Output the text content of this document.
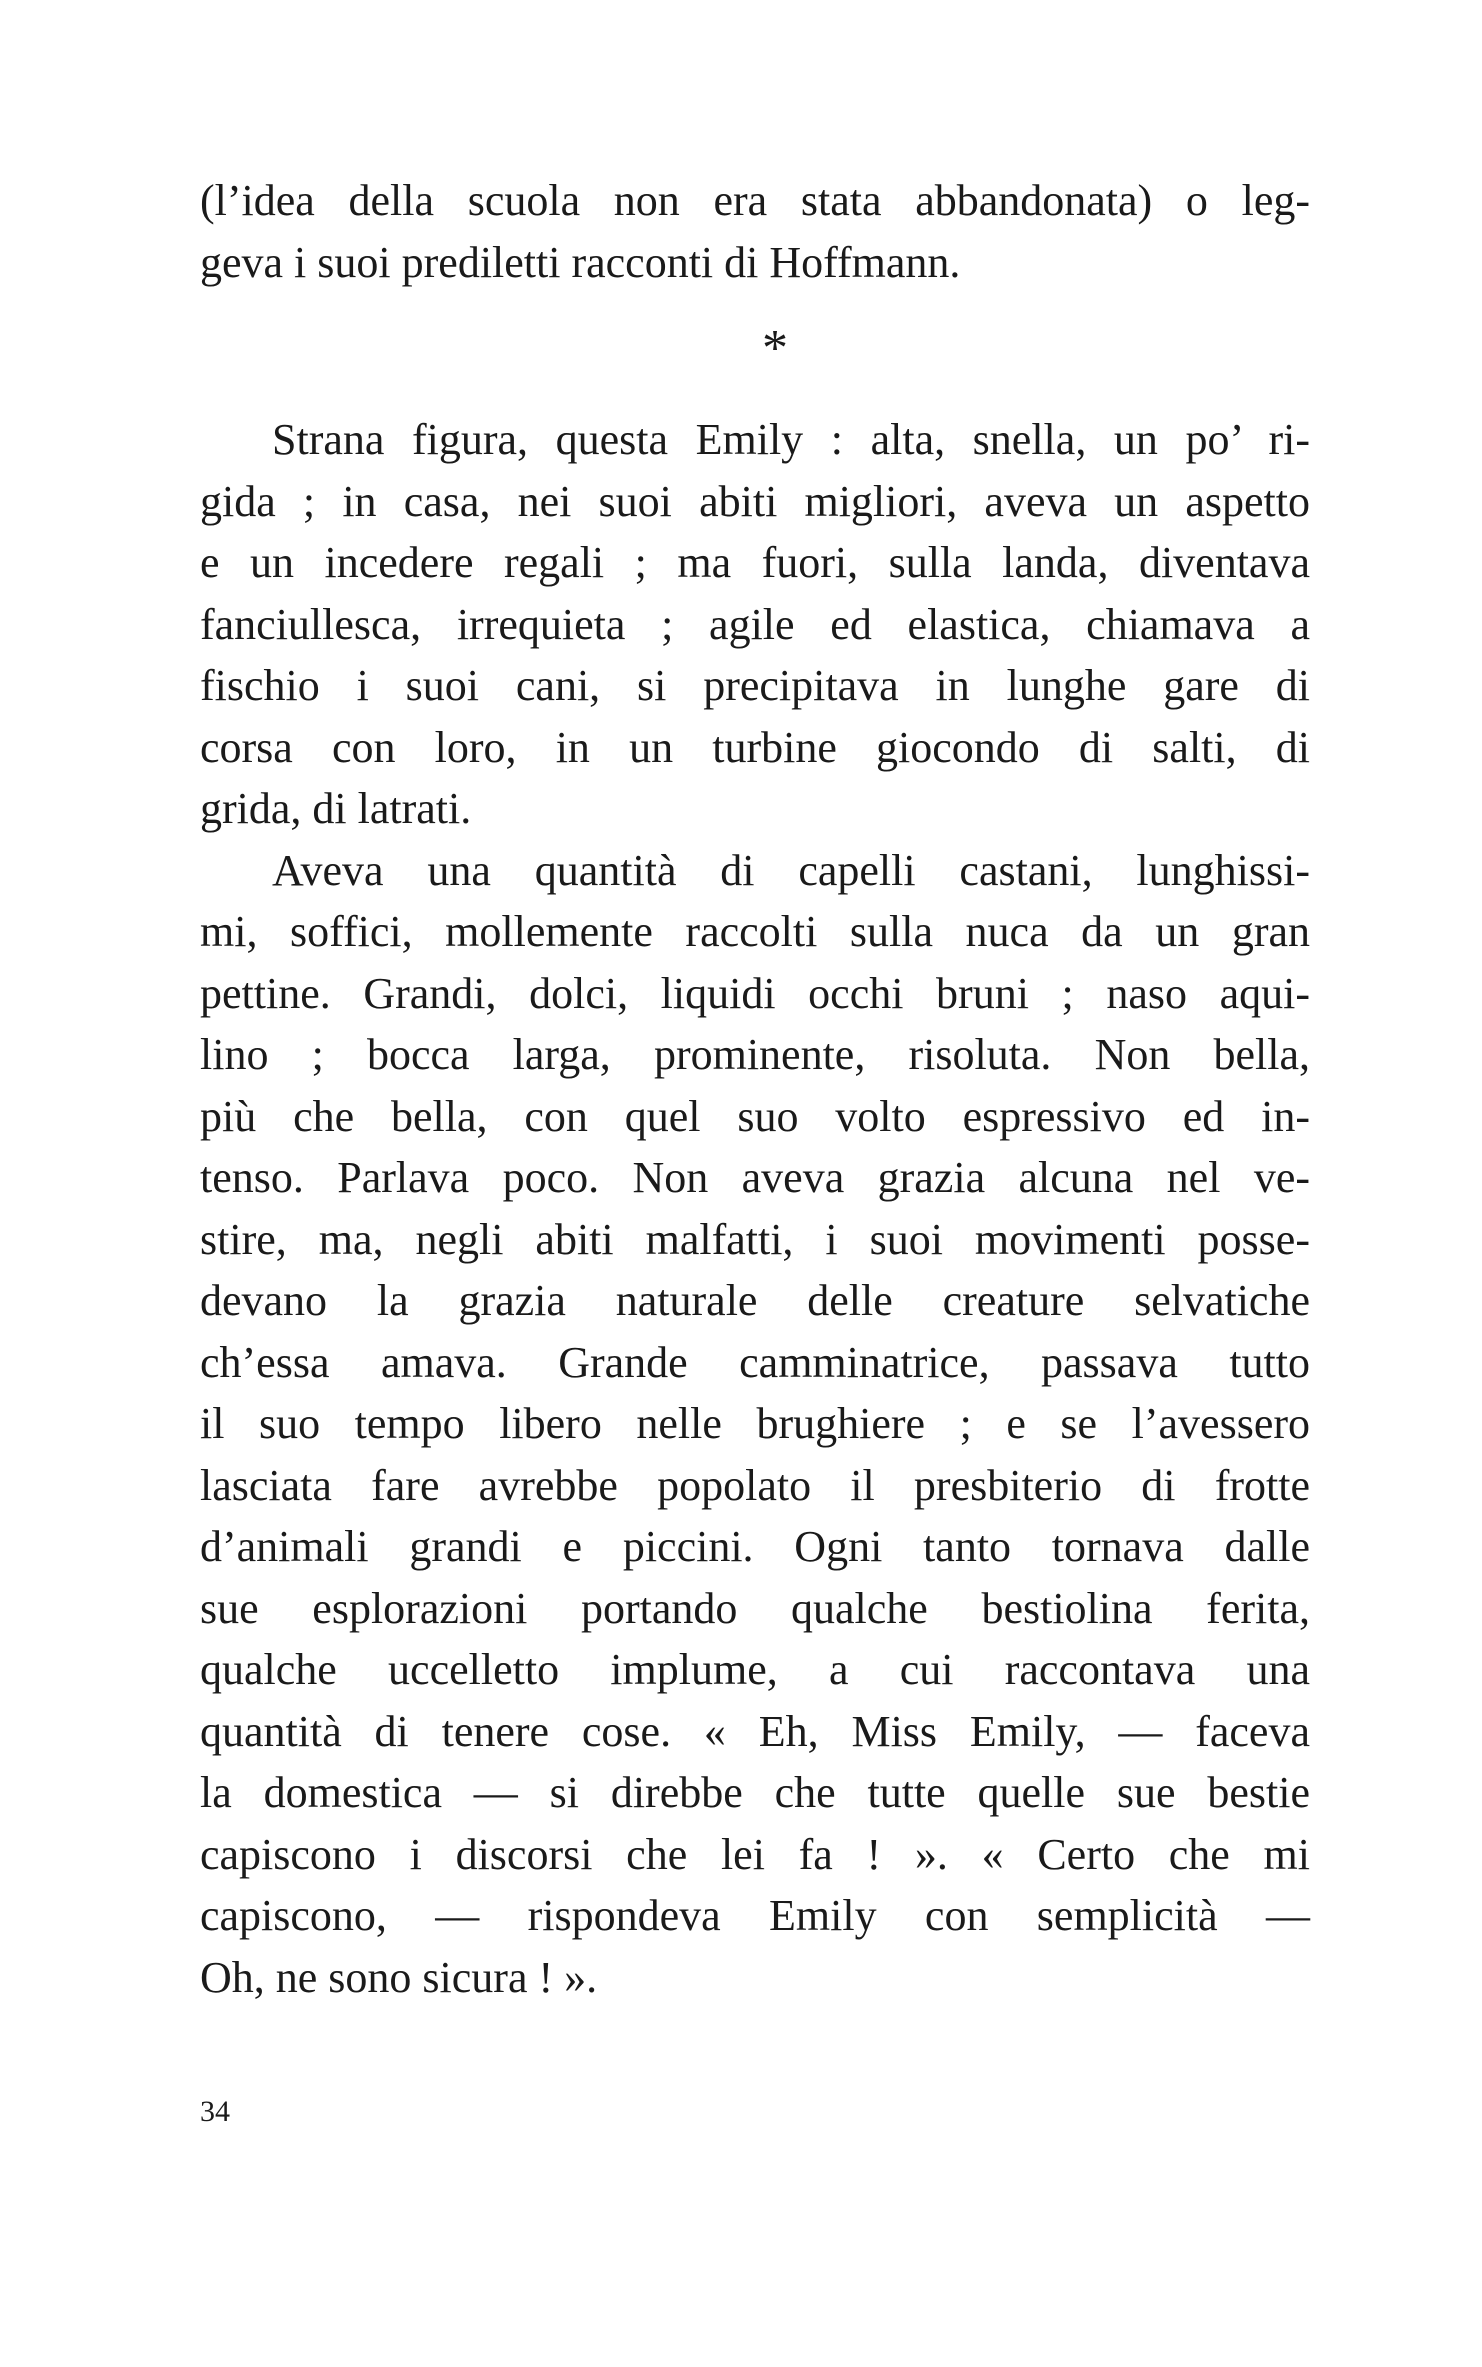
(l’idea della scuola non era stata abbandonata) o leg-
geva i suoi prediletti racconti di Hoffmann.
*
Strana figura, questa Emily : alta, snella, un po’ ri-
gida ; in casa, nei suoi abiti migliori, aveva un aspetto
e un incedere regali ; ma fuori, sulla landa, diventava
fanciullesca, irrequieta ; agile ed elastica, chiamava a
fischio i suoi cani, si precipitava in lunghe gare di
corsa con loro, in un turbine giocondo di salti, di
grida, di latrati.
Aveva una quantità di capelli castani, lunghissi-
mi, soffici, mollemente raccolti sulla nuca da un gran
pettine. Grandi, dolci, liquidi occhi bruni ; naso aqui-
lino ; bocca larga, prominente, risoluta. Non bella,
più che bella, con quel suo volto espressivo ed in-
tenso. Parlava poco. Non aveva grazia alcuna nel ve-
stire, ma, negli abiti malfatti, i suoi movimenti posse-
devano la grazia naturale delle creature selvatiche
ch’essa amava. Grande camminatrice, passava tutto
il suo tempo libero nelle brughiere ; e se l’avessero
lasciata fare avrebbe popolato il presbiterio di frotte
d’animali grandi e piccini. Ogni tanto tornava dalle
sue esplorazioni portando qualche bestiolina ferita,
qualche uccelletto implume, a cui raccontava una
quantità di tenere cose. « Eh, Miss Emily, — faceva
la domestica — si direbbe che tutte quelle sue bestie
capiscono i discorsi che lei fa ! ». « Certo che mi
capiscono, — rispondeva Emily con semplicità —
Oh, ne sono sicura ! ».
34
